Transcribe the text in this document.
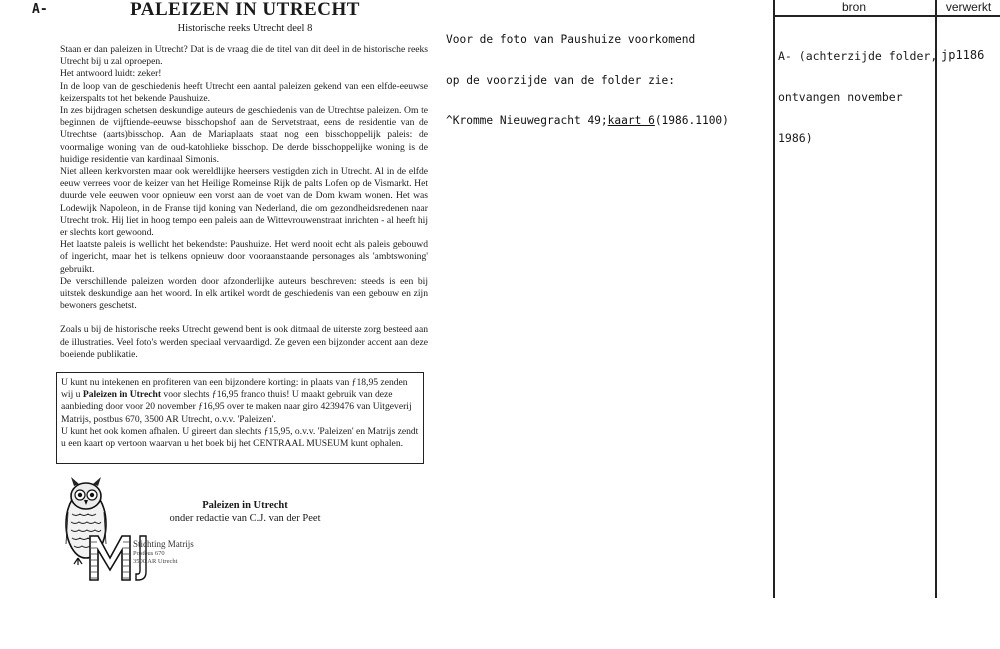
A-	PALEIZEN IN UTRECHT
Historische reeks Utrecht deel 8

Staan er dan paleizen in Utrecht? Dat is de vraag die de titel van dit deel in de historische reeks Utrecht bij u zal oproepen.

Het antwoord luidt: zeker!

In de loop van de geschiedenis heeft Utrecht een aantal paleizen gekend van een elfde-eeuwse keizerspalts tot het bekende Paushuize.

In zes bijdragen schetsen deskundige auteurs de geschiedenis van de Utrechtse paleizen. Om te beginnen de vijftiende-eeuwse bisschopshof aan de Servetstraat, eens de residentie van de Utrechtse (aarts)bisschop. Aan de Mariaplaats staat nog een bisschoppelijk paleis: de voormalige woning van de oud-katohlieke bisschop. De derde bisschoppelijke woning is de huidige residentie van kardinaal Simonis.

Niet alleen kerkvorsten maar ook wereldlijke heersers vestigden zich in Utrecht. Al in de elfde eeuw verrees voor de keizer van het Heilige Romeinse Rijk de palts Lofen op de Vismarkt. Het duurde vele eeuwen voor opnieuw een vorst aan de voet van de Dom kwam wonen. Het was Lodewijk Napoleon, in de Franse tijd koning van Nederland, die om gezondheidsredenen naar Utrecht trok. Hij liet in hoog tempo een paleis aan de Wittevrouwenstraat inrichten - al heeft hij er slechts kort gewoond.

Het laatste paleis is wellicht het bekendste: Paushuize. Het werd nooit echt als paleis gebouwd of ingericht, maar het is telkens opnieuw door vooraanstaande personages als 'ambtswoning' gebruikt.

De verschillende paleizen worden door afzonderlijke auteurs beschreven: steeds is een bij uitstek deskundige aan het woord. In elk artikel wordt de geschiedenis van een gebouw en zijn bewoners geschetst.

Zoals u bij de historische reeks Utrecht gewend bent is ook ditmaal de uiterste zorg besteed aan de illustraties. Veel foto's werden speciaal vervaardigd. Ze geven een bijzonder accent aan deze boeiende publikatie.

U kunt nu intekenen en profiteren van een bijzondere korting: in plaats van ƒ18,95 zenden wij u Paleizen in Utrecht voor slechts ƒ16,95 franco thuis! U maakt gebruik van deze aanbieding door voor 20 november ƒ16,95 over te maken naar giro 4239476 van Uitgeverij Matrijs, postbus 670, 3500 AR Utrecht, o.v.v. 'Paleizen'.

U kunt het ook komen afhalen. U gireert dan slechts ƒ15,95, o.v.v. 'Paleizen' en Matrijs zendt u een kaart op vertoon waarvan u het boek bij het CENTRAAL MUSEUM kunt ophalen.

Paleizen in Utrecht
onder redactie van C.J. van der Peet
Stichting Matrijs
Postbus 670
3500 AR Utrecht

Voor de foto van Paushuize voorkomend

op de voorzijde van de folder zie:

^Kromme Nieuwegracht 49;kaart 6(1986.1100)

bron	verwerkt

A- (achterzijde folder,

ontvangen november

1986)

jp1186
